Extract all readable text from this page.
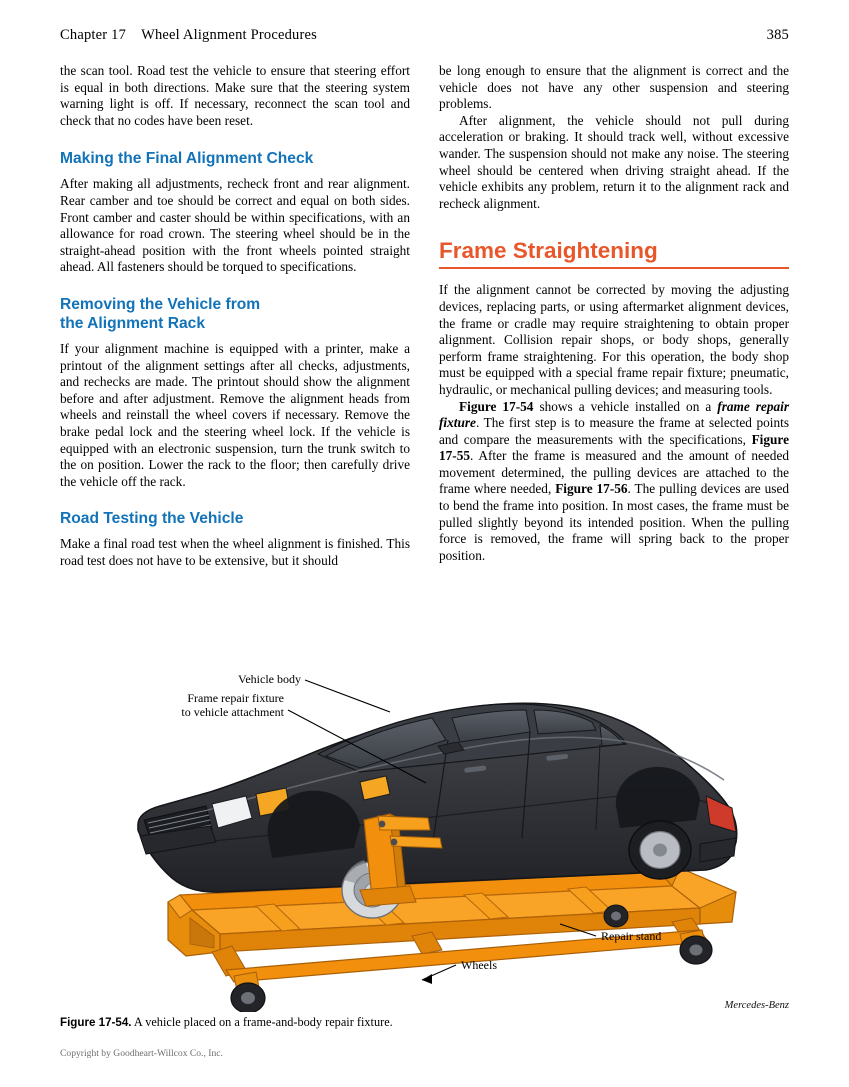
Chapter 17    Wheel Alignment Procedures	385

the scan tool. Road test the vehicle to ensure that steering effort is equal in both directions. Make sure that the steering system warning light is off. If necessary, reconnect the scan tool and check that no codes have been reset.

Making the Final Alignment Check

After making all adjustments, recheck front and rear alignment. Rear camber and toe should be correct and equal on both sides. Front camber and caster should be within specifications, with an allowance for road crown. The steering wheel should be in the straight-ahead position with the front wheels pointed straight ahead. All fasteners should be torqued to specifications.

Removing the Vehicle from
the Alignment Rack

If your alignment machine is equipped with a printer, make a printout of the alignment settings after all checks, adjustments, and rechecks are made. The printout should show the alignment before and after adjustment. Remove the alignment heads from wheels and reinstall the wheel covers if necessary. Remove the brake pedal lock and the steering wheel lock. If the vehicle is equipped with an electronic suspension, turn the trunk switch to the on position. Lower the rack to the floor; then carefully drive the vehicle off the rack.

Road Testing the Vehicle

Make a final road test when the wheel alignment is finished. This road test does not have to be extensive, but it should

be long enough to ensure that the alignment is correct and the vehicle does not have any other suspension and steering problems.

After alignment, the vehicle should not pull during acceleration or braking. It should track well, without excessive wander. The suspension should not make any noise. The steering wheel should be centered when driving straight ahead. If the vehicle exhibits any problem, return it to the alignment rack and recheck alignment.

Frame Straightening

If the alignment cannot be corrected by moving the adjusting devices, replacing parts, or using aftermarket alignment devices, the frame or cradle may require straightening to obtain proper alignment. Collision repair shops, or body shops, generally perform frame straightening. For this operation, the body shop must be equipped with a special frame repair fixture; pneumatic, hydraulic, or mechanical pulling devices; and measuring tools.

Figure 17-54 shows a vehicle installed on a frame repair fixture. The first step is to measure the frame at selected points and compare the measurements with the specifications, Figure 17-55. After the frame is measured and the amount of needed movement determined, the pulling devices are attached to the frame where needed, Figure 17-56. The pulling devices are used to bend the frame into position. In most cases, the frame must be pulled slightly beyond its intended position. When the pulling force is removed, the frame will spring back to the proper position.

Vehicle body
Frame repair fixture
to vehicle attachment
Repair stand
Wheels
Mercedes-Benz
Figure 17-54. A vehicle placed on a frame-and-body repair fixture.
Copyright by Goodheart-Willcox Co., Inc.
